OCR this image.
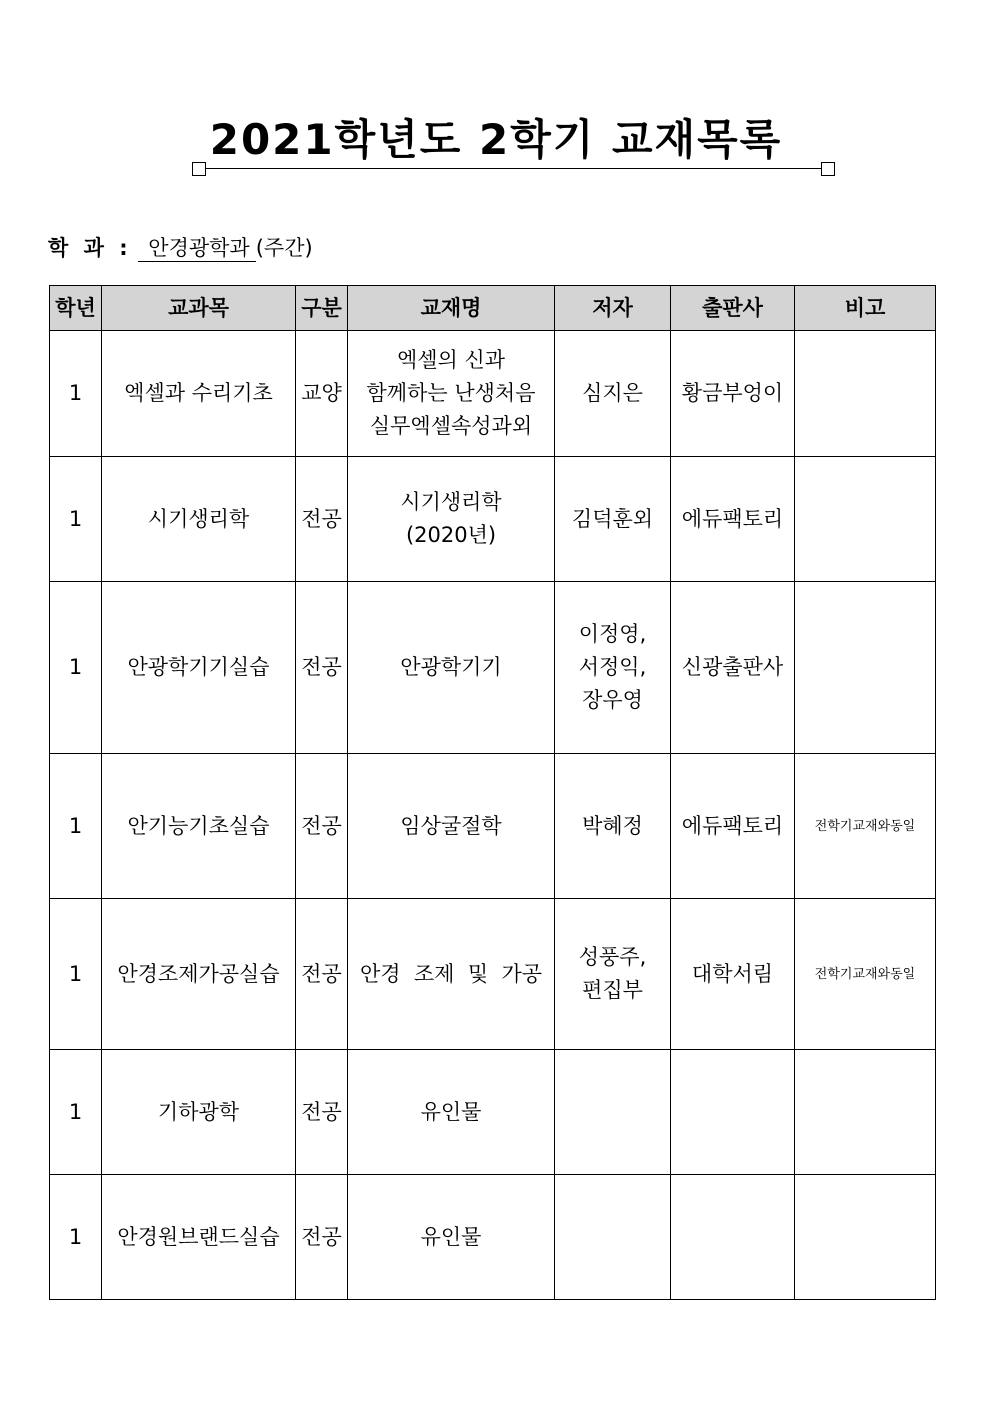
2021학년도 2학기 교재목록
학 과 : 안경광학과 (주간)
학년	교과목	구분	교재명	저자	출판사	비고
1	엑셀과 수리기초	교양	엑셀의 신과
함께하는 난생처음
실무엑셀속성과외	심지은	황금부엉이	
1	시기생리학	전공	시기생리학
(2020년)	김덕훈외	에듀팩토리	
1	안광학기기실습	전공	안광학기기	이정영,
서정익,
장우영	신광출판사	
1	안기능기초실습	전공	임상굴절학	박혜정	에듀팩토리	전학기교재와동일
1	안경조제가공실습	전공	안경  조제  및  가공	성풍주,
편집부	대학서림	전학기교재와동일
1	기하광학	전공	유인물			
1	안경원브랜드실습	전공	유인물			
